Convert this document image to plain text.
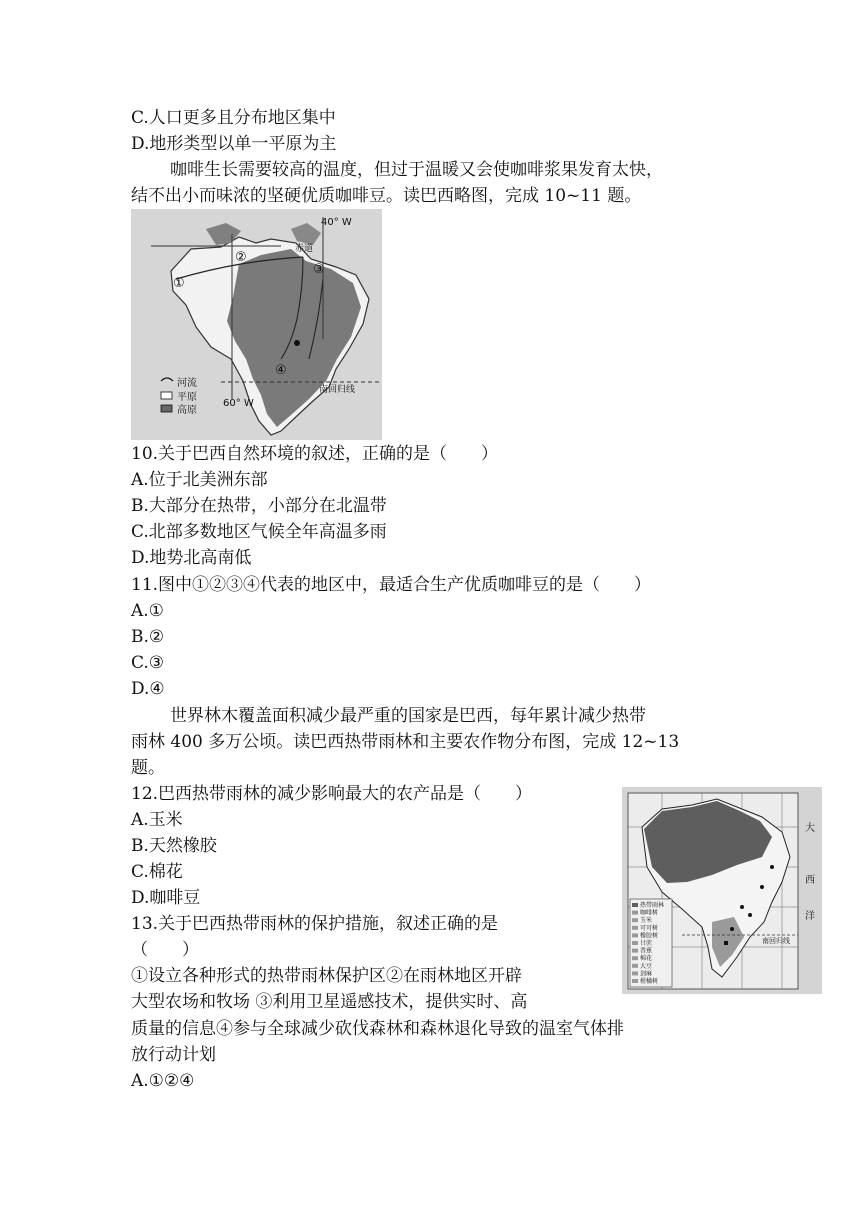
C.人口更多且分布地区集中
D.地形类型以单一平原为主
咖啡生长需要较高的温度，但过于温暖又会使咖啡浆果发育太快，
结不出小而味浓的坚硬优质咖啡豆。读巴西略图，完成 10~11 题。
40° W
赤道
60° W
南回归线
①
②
③
④
河流
平原
高原
10.关于巴西自然环境的叙述，正确的是（　　）
A.位于北美洲东部
B.大部分在热带，小部分在北温带
C.北部多数地区气候全年高温多雨
D.地势北高南低
11.图中①②③④代表的地区中，最适合生产优质咖啡豆的是（　　）
A.①
B.②
C.③
D.④
世界林木覆盖面积减少最严重的国家是巴西，每年累计减少热带
雨林 400 多万公顷。读巴西热带雨林和主要农作物分布图，完成 12~13
题。
12.巴西热带雨林的减少影响最大的农产品是（　　）
A.玉米
B.天然橡胶
C.棉花
D.咖啡豆
南回归线
大
西
洋
热带雨林
咖啡树
玉米
可可树
橡胶树
甘蔗
香蕉
棉花
大豆
剑麻
柑橘树
13.关于巴西热带雨林的保护措施，叙述正确的是
（　　）
①设立各种形式的热带雨林保护区②在雨林地区开辟
大型农场和牧场 ③利用卫星遥感技术，提供实时、高
质量的信息④参与全球减少砍伐森林和森林退化导致的温室气体排
放行动计划
A.①②④
